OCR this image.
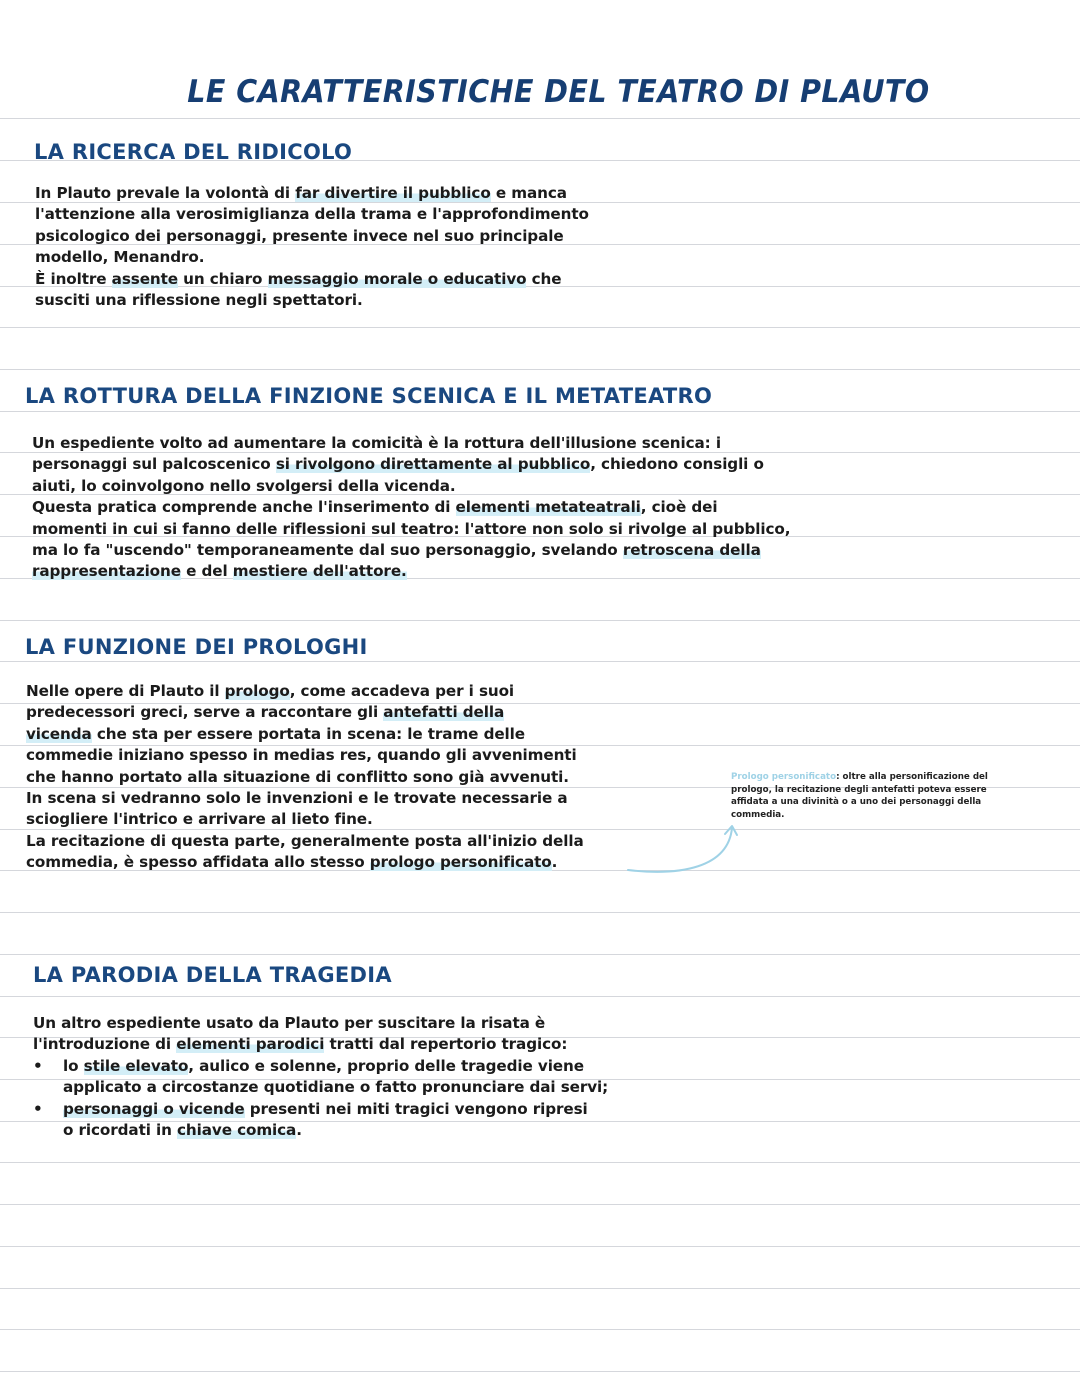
LE CARATTERISTICHE DEL TEATRO DI PLAUTO
LA RICERCA DEL RIDICOLO

In Plauto prevale la volontà di far divertire il pubblico e manca

l'attenzione alla verosimiglianza della trama e l'approfondimento

psicologico dei personaggi, presente invece nel suo principale

modello, Menandro.

È inoltre assente un chiaro messaggio morale o educativo che

susciti una riflessione negli spettatori.

LA ROTTURA DELLA FINZIONE SCENICA E IL METATEATRO

Un espediente volto ad aumentare la comicità è la rottura dell'illusione scenica: i

personaggi sul palcoscenico si rivolgono direttamente al pubblico, chiedono consigli o

aiuti, lo coinvolgono nello svolgersi della vicenda.

Questa pratica comprende anche l'inserimento di elementi metateatrali, cioè dei

momenti in cui si fanno delle riflessioni sul teatro: l'attore non solo si rivolge al pubblico,

ma lo fa "uscendo" temporaneamente dal suo personaggio, svelando retroscena della

rappresentazione e del mestiere dell'attore.

LA FUNZIONE DEI PROLOGHI

Nelle opere di Plauto il prologo, come accadeva per i suoi

predecessori greci, serve a raccontare gli antefatti della

vicenda che sta per essere portata in scena: le trame delle

commedie iniziano spesso in medias res, quando gli avvenimenti

che hanno portato alla situazione di conflitto sono già avvenuti.

In scena si vedranno solo le invenzioni e le trovate necessarie a

sciogliere l'intrico e arrivare al lieto fine.

La recitazione di questa parte, generalmente posta all'inizio della

commedia, è spesso affidata allo stesso prologo personificato.

Prologo personificato: oltre alla personificazione del prologo, la recitazione degli antefatti poteva essere affidata a una divinità o a uno dei personaggi della commedia.
LA PARODIA DELLA TRAGEDIA

Un altro espediente usato da Plauto per suscitare la risata è

l'introduzione di elementi parodici tratti dal repertorio tragico:

• lo stile elevato, aulico e solenne, proprio delle tragedie viene

applicato a circostanze quotidiane o fatto pronunciare dai servi;

• personaggi o vicende presenti nei miti tragici vengono ripresi

o ricordati in chiave comica.
